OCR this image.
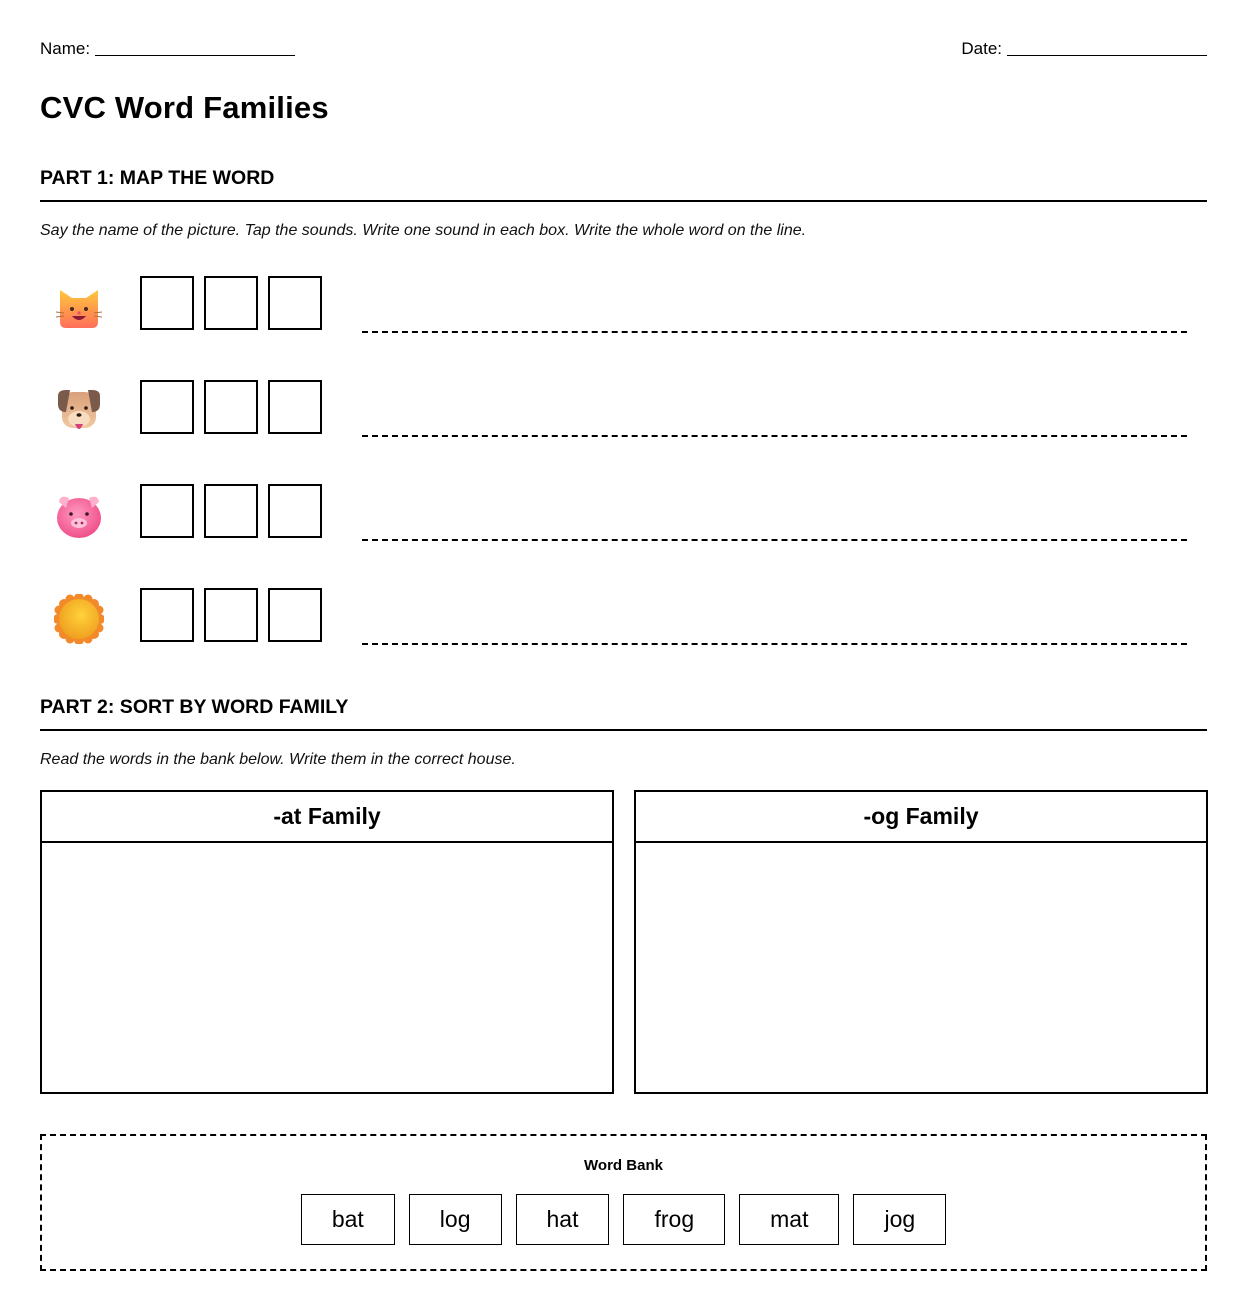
Name:	Date:
CVC Word Families
PART 1: MAP THE WORD

Say the name of the picture. Tap the sounds. Write one sound in each box. Write the whole word on the line.

PART 2: SORT BY WORD FAMILY

Read the words in the bank below. Write them in the correct house.

-at Family	-og Family
Word Bank
bat	log	hat	frog	mat	jog
